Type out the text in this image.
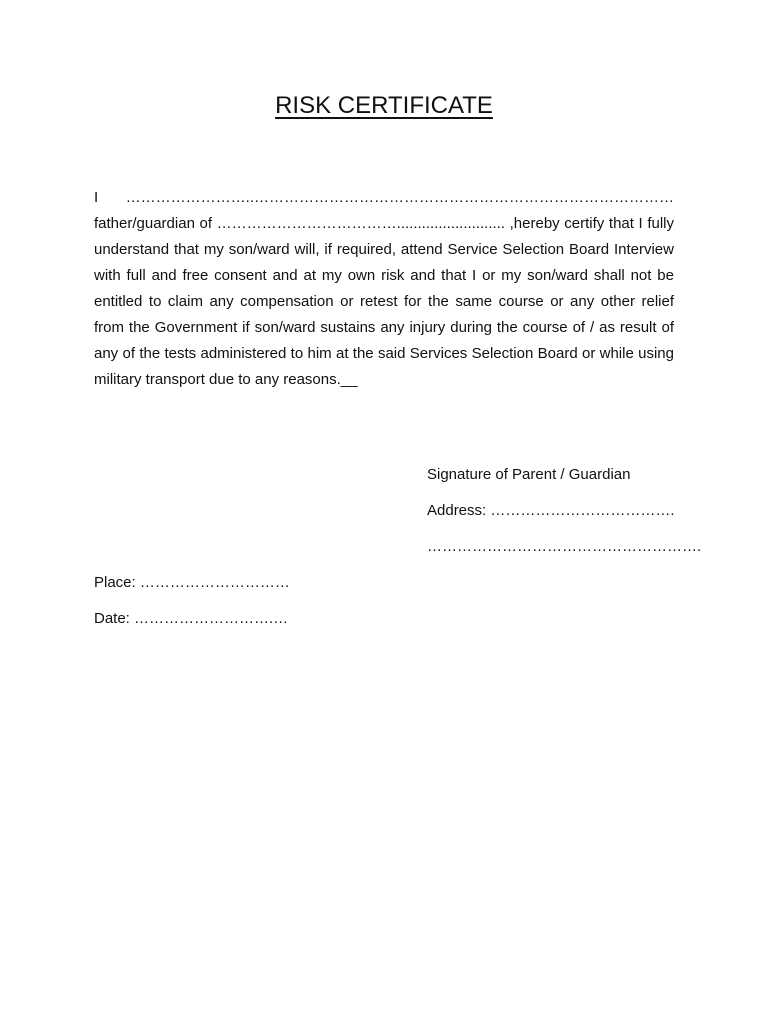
RISK CERTIFICATE

I ……………………..………………………………………………………………………… father/guardian of ……………………………….......................... ,hereby certify that I fully understand that my son/ward will, if required, attend Service Selection Board Interview with full and free consent and at my own risk and that I or my son/ward shall not be entitled to claim any compensation or retest for the same course or any other relief from the Government if son/ward sustains any injury during the course of / as result of any of the tests administered to him at the said Services Selection Board or while using military transport due to any reasons.__

Signature of Parent / Guardian

Address: ……………………………….

……………………………………………….

Place: …………………………

Date: ……………………….…
